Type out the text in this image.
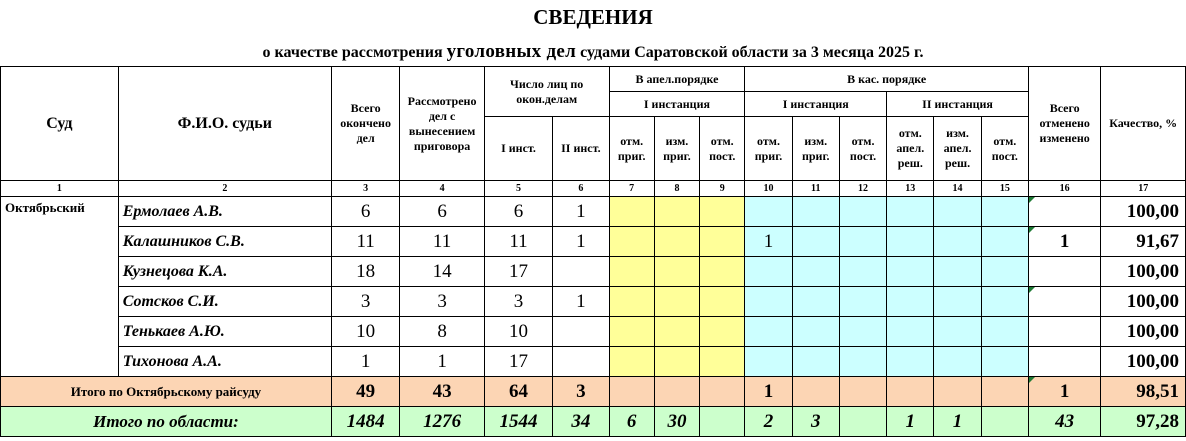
СВЕДЕНИЯ
о качестве рассмотрения уголовных дел судами Саратовской области за 3 месяца 2025 г.
Суд	Ф.И.О. судьи	Всего окончено дел	Рассмотрено дел с вынесением приговора	Число лиц по окон.делам		В апел.порядке			В кас. порядке						Всего отменено изменено	Качество, %
						I инстанция			I инстанция			II инстанция				
				I инст.	II инст.	отм. приг.	изм. приг.	отм. пост.	отм. приг.	изм. приг.	отм. пост.	отм. апел. реш.	изм. апел. реш.	отм. пост.		
1	2	3	4	5	6	7	8	9	10	11	12	13	14	15	16	17
Октябрьский	Ермолаев А.В.	6	6	6	1											100,00
	Калашников С.В.	11	11	11	1				1						1	91,67
	Кузнецова К.А.	18	14	17												100,00
	Сотсков С.И.	3	3	3	1											100,00
	Тенькаев А.Ю.	10	8	10												100,00
	Тихонова А.А.	1	1	17												100,00
Итого по Октябрьскому райсуду		49	43	64	3				1						1	98,51
Итого по области:		1484	1276	1544	34	6	30		2	3		1	1		43	97,28
